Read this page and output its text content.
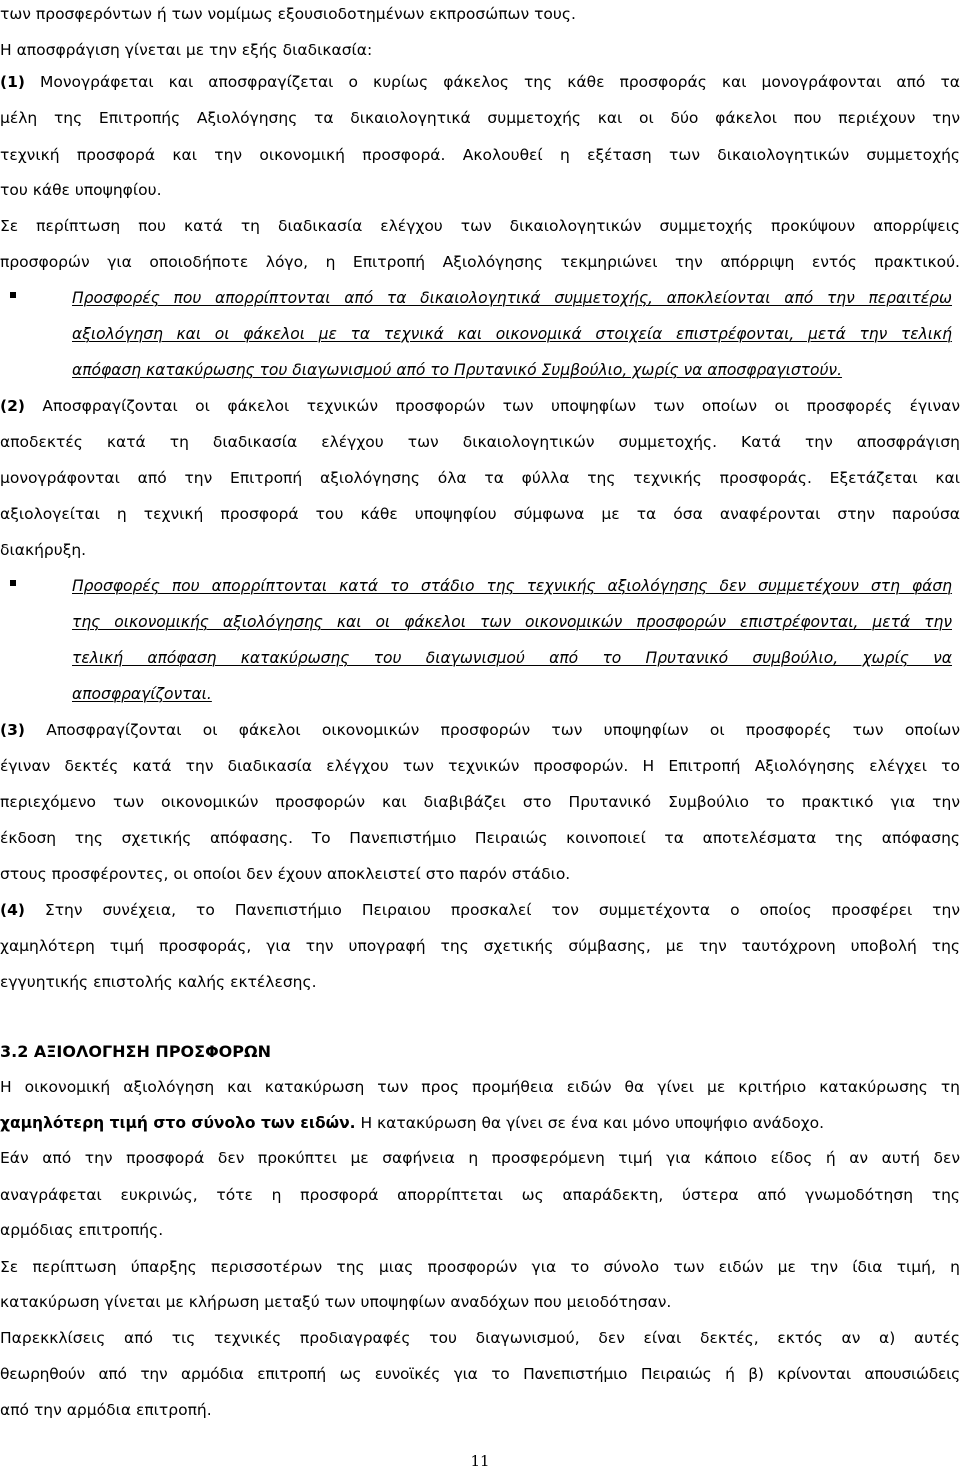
των προσφερόντων ή των νομίμως εξουσιοδοτημένων εκπροσώπων τους.
Η αποσφράγιση γίνεται με την εξής διαδικασία:
(1) Μονογράφεται και αποσφραγίζεται ο κυρίως φάκελος της κάθε προσφοράς και μονογράφονται από τα
μέλη της Επιτροπής Αξιολόγησης τα δικαιολογητικά συμμετοχής και οι δύο φάκελοι που περιέχουν την
τεχνική προσφορά και την οικονομική προσφορά. Ακολουθεί η εξέταση των δικαιολογητικών συμμετοχής
του κάθε υποψηφίου.
Σε περίπτωση που κατά τη διαδικασία ελέγχου των δικαιολογητικών συμμετοχής προκύψουν απορρίψεις
προσφορών για οποιοδήποτε λόγο, η Επιτροπή Αξιολόγησης τεκμηριώνει την απόρριψη εντός πρακτικού.
Προσφορές που απορρίπτονται από τα δικαιολογητικά συμμετοχής, αποκλείονται από την περαιτέρω
αξιολόγηση και οι φάκελοι με τα τεχνικά και οικονομικά στοιχεία επιστρέφονται, μετά την τελική
απόφαση κατακύρωσης του διαγωνισμού από το Πρυτανικό Συμβούλιο, χωρίς να αποσφραγιστούν.
(2) Αποσφραγίζονται οι φάκελοι τεχνικών προσφορών των υποψηφίων των οποίων οι προσφορές έγιναν
αποδεκτές κατά τη διαδικασία ελέγχου των δικαιολογητικών συμμετοχής. Κατά την αποσφράγιση
μονογράφονται από την Επιτροπή αξιολόγησης όλα τα φύλλα της τεχνικής προσφοράς. Εξετάζεται και
αξιολογείται η τεχνική προσφορά του κάθε υποψηφίου σύμφωνα με τα όσα αναφέρονται στην παρούσα
διακήρυξη.
Προσφορές που απορρίπτονται κατά το στάδιο της τεχνικής αξιολόγησης δεν συμμετέχουν στη φάση
της οικονομικής αξιολόγησης και οι φάκελοι των οικονομικών προσφορών επιστρέφονται, μετά την
τελική απόφαση κατακύρωσης του διαγωνισμού από το Πρυτανικό συμβούλιο, χωρίς να
αποσφραγίζονται.
(3) Αποσφραγίζονται οι φάκελοι οικονομικών προσφορών των υποψηφίων οι προσφορές των οποίων
έγιναν δεκτές κατά την διαδικασία ελέγχου των τεχνικών προσφορών. Η Επιτροπή Αξιολόγησης ελέγχει το
περιεχόμενο των οικονομικών προσφορών και διαβιβάζει στο Πρυτανικό Συμβούλιο το πρακτικό για την
έκδοση της σχετικής απόφασης. Το Πανεπιστήμιο Πειραιώς κοινοποιεί τα αποτελέσματα της απόφασης
στους προσφέροντες, οι οποίοι δεν έχουν αποκλειστεί στο παρόν στάδιο.
(4) Στην συνέχεια, το Πανεπιστήμιο Πειραιου προσκαλεί τον συμμετέχοντα ο οποίος προσφέρει την
χαμηλότερη τιμή προσφοράς, για την υπογραφή της σχετικής σύμβασης, με την ταυτόχρονη υποβολή της
εγγυητικής επιστολής καλής εκτέλεσης.
3.2 ΑΞΙΟΛΟΓΗΣΗ ΠΡΟΣΦΟΡΩΝ
Η οικονομική αξιολόγηση και κατακύρωση των προς προμήθεια ειδών θα γίνει με κριτήριο κατακύρωσης τη
χαμηλότερη τιμή στο σύνολο των ειδών. Η κατακύρωση θα γίνει σε ένα και μόνο υποψήφιο ανάδοχο.
Εάν από την προσφορά δεν προκύπτει με σαφήνεια η προσφερόμενη τιμή για κάποιο είδος ή αν αυτή δεν
αναγράφεται ευκρινώς, τότε η προσφορά απορρίπτεται ως απαράδεκτη, ύστερα από γνωμοδότηση της
αρμόδιας επιτροπής.
Σε περίπτωση ύπαρξης περισσοτέρων της μιας προσφορών για το σύνολο των ειδών με την ίδια τιμή, η
κατακύρωση γίνεται με κλήρωση μεταξύ των υποψηφίων αναδόχων που μειοδότησαν.
Παρεκκλίσεις από τις τεχνικές προδιαγραφές του διαγωνισμού, δεν είναι δεκτές, εκτός αν α) αυτές
θεωρηθούν από την αρμόδια επιτροπή ως ευνοϊκές για το Πανεπιστήμιο Πειραιώς ή β) κρίνονται απουσιώδεις
από την αρμόδια επιτροπή.
11
